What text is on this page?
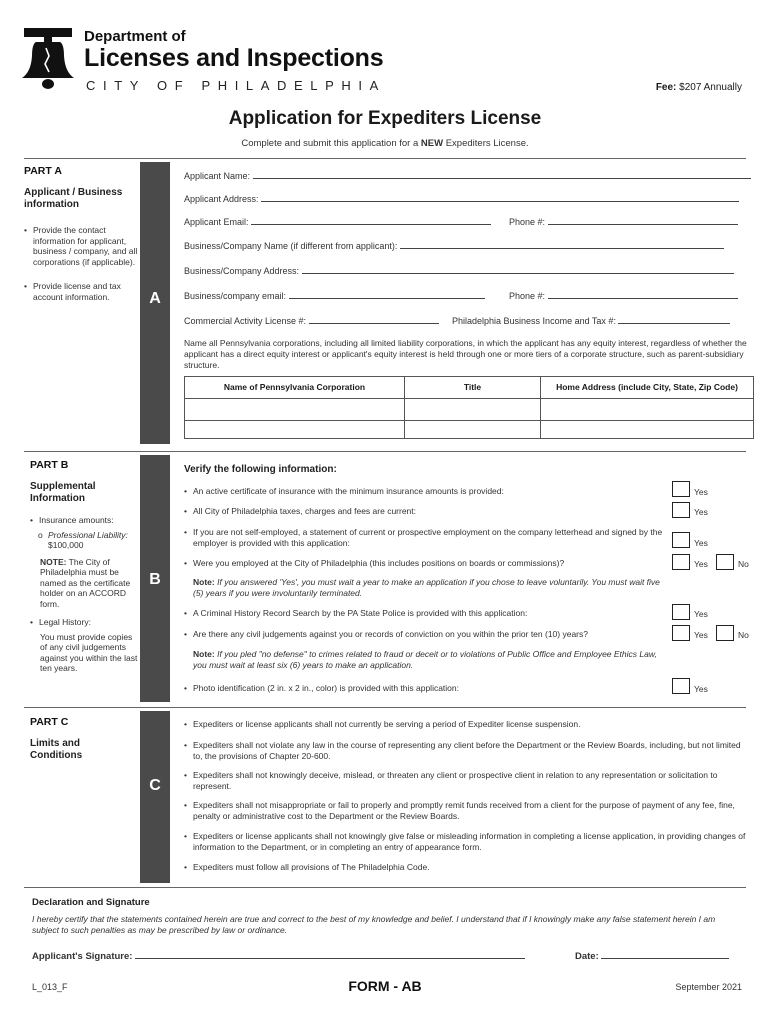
Department of
Licenses and Inspections
CITY OF PHILADELPHIA	Fee: $207 Annually
Application for Expediters License
Complete and submit this application for a NEW Expediters License.
PART A
Applicant / Business information
• Provide the contact information for applicant, business / company, and all corporations (if applicable).
• Provide license and tax account information.	A
Applicant Name:
Applicant Address:
Applicant Email:	Phone #:
Business/Company Name (if different from applicant):
Business/Company Address:
Business/company email:	Phone #:
Commercial Activity License #:	Philadelphia Business Income and Tax #:
Name all Pennsylvania corporations, including all limited liability corporations, in which the applicant has any equity interest, regardless of whether the applicant has a direct equity interest or applicant's equity interest is held through one or more tiers of a corporate structure, such as parent-subsidiary structure.
Name of Pennsylvania Corporation	Title	Home Address (include City, State, Zip Code)

PART B
Supplemental Information
• Insurance amounts:
o Professional Liability:
$100,000
NOTE: The City of Philadelphia must be named as the certificate holder on an ACCORD form.
• Legal History:
You must provide copies of any civil judgements against you within the last ten years.
B
Verify the following information:
• An active certificate of insurance with the minimum insurance amounts is provided:	Yes
• All City of Philadelphia taxes, charges and fees are current:	Yes
• If you are not self-employed, a statement of current or prospective employment on the company letterhead and signed by the employer is provided with this application:	Yes
• Were you employed at the City of Philadelphia (this includes positions on boards or commissions)?	Yes	No
Note: If you answered 'Yes', you must wait a year to make an application if you chose to leave voluntarily. You must wait five (5) years if you were involuntarily terminated.
• A Criminal History Record Search by the PA State Police is provided with this application:	Yes
• Are there any civil judgements against you or records of conviction on you within the prior ten (10) years?	Yes	No
Note: If you pled "no defense" to crimes related to fraud or deceit or to violations of Public Office and Employee Ethics Law, you must wait at least six (6) years to make an application.
• Photo identification (2 in. x 2 in., color) is provided with this application:	Yes
PART C
Limits and Conditions
C
• Expediters or license applicants shall not currently be serving a period of Expediter license suspension.
• Expediters shall not violate any law in the course of representing any client before the Department or the Review Boards, including, but not limited to, the provisions of Chapter 20-600.
• Expediters shall not knowingly deceive, mislead, or threaten any client or prospective client in relation to any representation or solicitation to represent.
• Expediters shall not misappropriate or fail to properly and promptly remit funds received from a client for the purpose of payment of any fee, fine, penalty or administrative cost to the Department or the Review Boards.
• Expediters or license applicants shall not knowingly give false or misleading information in completing a license application, in providing changes of information to the Department, or in completing an entry of appearance form.
• Expediters must follow all provisions of The Philadelphia Code.
Declaration and Signature
I hereby certify that the statements contained herein are true and correct to the best of my knowledge and belief. I understand that if I knowingly make any false statement herein I am subject to such penalties as may be prescribed by law or ordinance.
Applicant's Signature:	Date:
L_013_F	FORM - AB	September 2021
